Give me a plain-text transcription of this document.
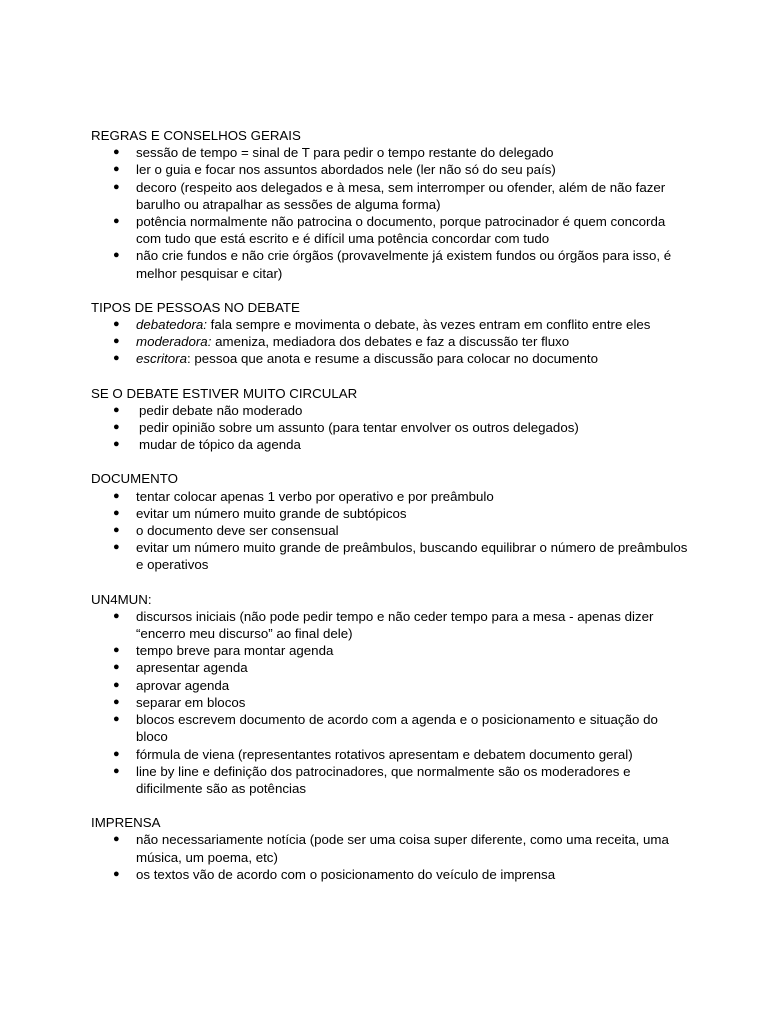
REGRAS E CONSELHOS GERAIS

● sessão de tempo = sinal de T para pedir o tempo restante do delegado
● ler o guia e focar nos assuntos abordados nele (ler não só do seu país)
● decoro (respeito aos delegados e à mesa, sem interromper ou ofender, além de não fazer barulho ou atrapalhar as sessões de alguma forma)
● potência normalmente não patrocina o documento, porque patrocinador é quem concorda com tudo que está escrito e é difícil uma potência concordar com tudo
● não crie fundos e não crie órgãos (provavelmente já existem fundos ou órgãos para isso, é melhor pesquisar e citar)

TIPOS DE PESSOAS NO DEBATE

● debatedora: fala sempre e movimenta o debate, às vezes entram em conflito entre eles
● moderadora: ameniza, mediadora dos debates e faz a discussão ter fluxo
● escritora: pessoa que anota e resume a discussão para colocar no documento

SE O DEBATE ESTIVER MUITO CIRCULAR

● pedir debate não moderado
● pedir opinião sobre um assunto (para tentar envolver os outros delegados)
● mudar de tópico da agenda

DOCUMENTO

● tentar colocar apenas 1 verbo por operativo e por preâmbulo
● evitar um número muito grande de subtópicos
● o documento deve ser consensual
● evitar um número muito grande de preâmbulos, buscando equilibrar o número de preâmbulos e operativos

UN4MUN:

● discursos iniciais (não pode pedir tempo e não ceder tempo para a mesa - apenas dizer “encerro meu discurso” ao final dele)
● tempo breve para montar agenda
● apresentar agenda
● aprovar agenda
● separar em blocos
● blocos escrevem documento de acordo com a agenda e o posicionamento e situação do bloco
● fórmula de viena (representantes rotativos apresentam e debatem documento geral)
● line by line e definição dos patrocinadores, que normalmente são os moderadores e dificilmente são as potências

IMPRENSA

● não necessariamente notícia (pode ser uma coisa super diferente, como uma receita, uma música, um poema, etc)
● os textos vão de acordo com o posicionamento do veículo de imprensa
